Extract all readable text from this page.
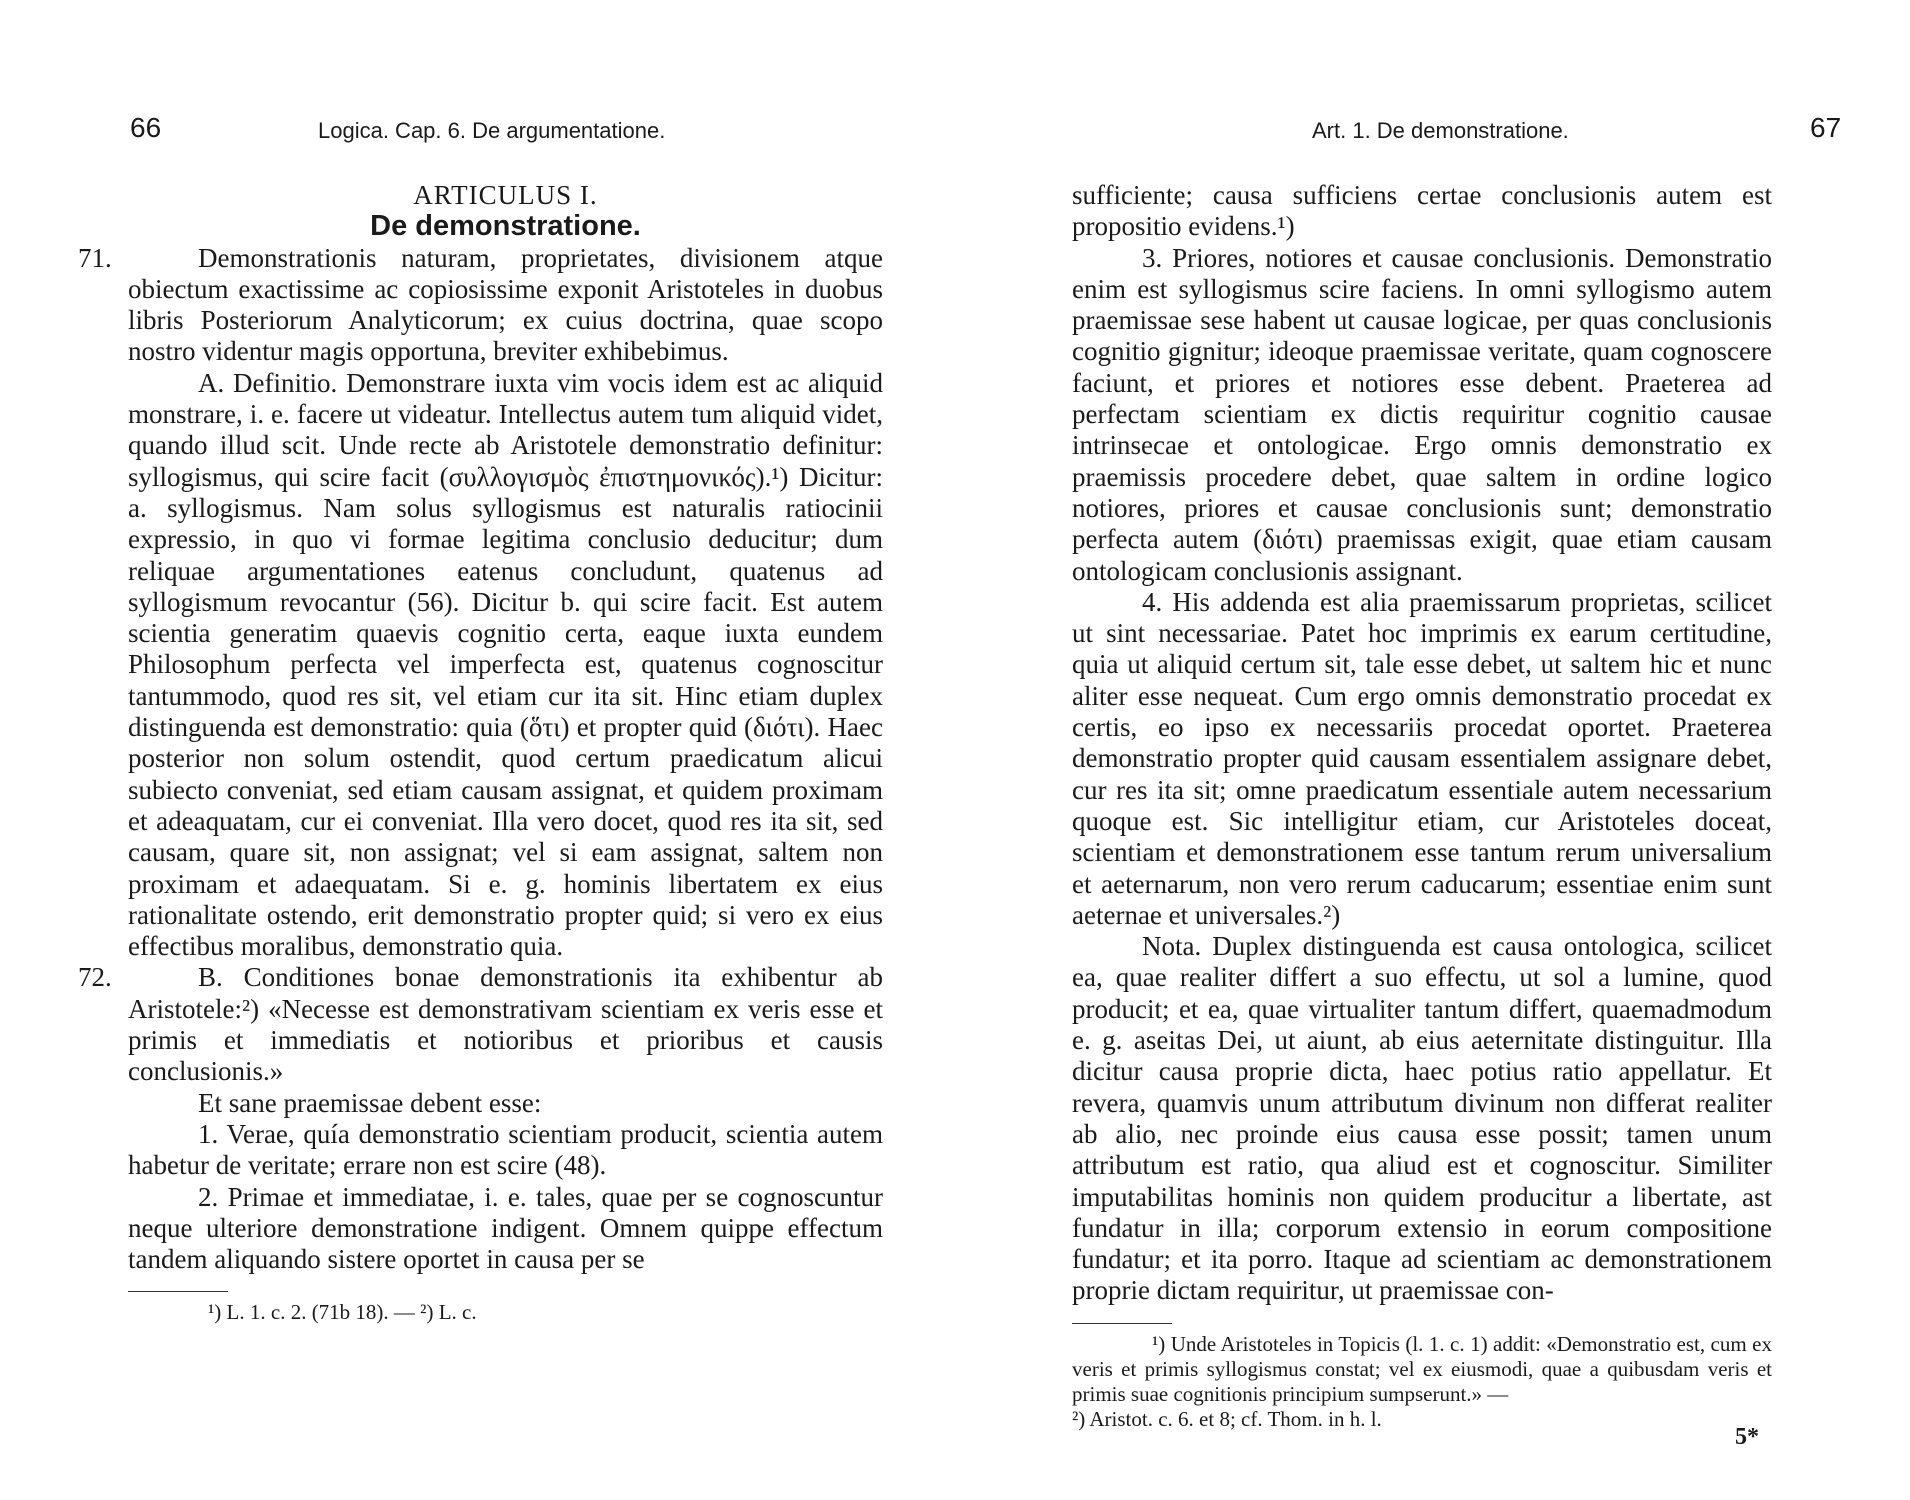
66	Logica. Cap. 6. De argumentatione.

ARTICULUS I.

De demonstratione.

71.	Demonstrationis naturam, proprietates, divisionem atque obiectum exactissime ac copiosissime exponit Aristoteles in duobus libris Posteriorum Analyticorum; ex cuius doctrina, quae scopo nostro videntur magis opportuna, breviter exhibebimus.

A. Definitio. Demonstrare iuxta vim vocis idem est ac aliquid monstrare, i. e. facere ut videatur. Intellectus autem tum aliquid videt, quando illud scit. Unde recte ab Aristotele demonstratio definitur: syllogismus, qui scire facit (συλλογισμὸς ἐπιστημονικός).¹) Dicitur: a. syllogismus. Nam solus syllogismus est naturalis ratiocinii expressio, in quo vi formae legitima conclusio deducitur; dum reliquae argumentationes eatenus concludunt, quatenus ad syllogismum revocantur (56). Dicitur b. qui scire facit. Est autem scientia generatim quaevis cognitio certa, eaque iuxta eundem Philosophum perfecta vel imperfecta est, quatenus cognoscitur tantummodo, quod res sit, vel etiam cur ita sit. Hinc etiam duplex distinguenda est demonstratio: quia (ὅτι) et propter quid (διότι). Haec posterior non solum ostendit, quod certum praedicatum alicui subiecto conveniat, sed etiam causam assignat, et quidem proximam et adeaquatam, cur ei conveniat. Illa vero docet, quod res ita sit, sed causam, quare sit, non assignat; vel si eam assignat, saltem non proximam et adaequatam. Si e. g. hominis libertatem ex eius rationalitate ostendo, erit demonstratio propter quid; si vero ex eius effectibus moralibus, demonstratio quia.

72.	B. Conditiones bonae demonstrationis ita exhibentur ab Aristotele:²) «Necesse est demonstrativam scientiam ex veris esse et primis et immediatis et notioribus et prioribus et causis conclusionis.»

Et sane praemissae debent esse:

1. Verae, quía demonstratio scientiam producit, scientia autem habetur de veritate; errare non est scire (48).

2. Primae et immediatae, i. e. tales, quae per se cognoscuntur neque ulteriore demonstratione indigent. Omnem quippe effectum tandem aliquando sistere oportet in causa per se

¹) L. 1. c. 2. (71b 18). — ²) L. c.

Art. 1. De demonstratione.	67

sufficiente; causa sufficiens certae conclusionis autem est propositio evidens.¹)

3. Priores, notiores et causae conclusionis. Demonstratio enim est syllogismus scire faciens. In omni syllogismo autem praemissae sese habent ut causae logicae, per quas conclusionis cognitio gignitur; ideoque praemissae veritate, quam cognoscere faciunt, et priores et notiores esse debent. Praeterea ad perfectam scientiam ex dictis requiritur cognitio causae intrinsecae et ontologicae. Ergo omnis demonstratio ex praemissis procedere debet, quae saltem in ordine logico notiores, priores et causae conclusionis sunt; demonstratio perfecta autem (διότι) praemissas exigit, quae etiam causam ontologicam conclusionis assignant.

4. His addenda est alia praemissarum proprietas, scilicet ut sint necessariae. Patet hoc imprimis ex earum certitudine, quia ut aliquid certum sit, tale esse debet, ut saltem hic et nunc aliter esse nequeat. Cum ergo omnis demonstratio procedat ex certis, eo ipso ex necessariis procedat oportet. Praeterea demonstratio propter quid causam essentialem assignare debet, cur res ita sit; omne praedicatum essentiale autem necessarium quoque est. Sic intelligitur etiam, cur Aristoteles doceat, scientiam et demonstrationem esse tantum rerum universalium et aeternarum, non vero rerum caducarum; essentiae enim sunt aeternae et universales.²)

Nota. Duplex distinguenda est causa ontologica, scilicet ea, quae realiter differt a suo effectu, ut sol a lumine, quod producit; et ea, quae virtualiter tantum differt, quaemadmodum e. g. aseitas Dei, ut aiunt, ab eius aeternitate distinguitur. Illa dicitur causa proprie dicta, haec potius ratio appellatur. Et revera, quamvis unum attributum divinum non differat realiter ab alio, nec proinde eius causa esse possit; tamen unum attributum est ratio, qua aliud est et cognoscitur. Similiter imputabilitas hominis non quidem producitur a libertate, ast fundatur in illa; corporum extensio in eorum compositione fundatur; et ita porro. Itaque ad scientiam ac demonstrationem proprie dictam requiritur, ut praemissae con-

¹) Unde Aristoteles in Topicis (l. 1. c. 1) addit: «Demonstratio est, cum ex veris et primis syllogismus constat; vel ex eiusmodi, quae a quibusdam veris et primis suae cognitionis principium sumpserunt.» —

²) Aristot. c. 6. et 8; cf. Thom. in h. l.

5*
